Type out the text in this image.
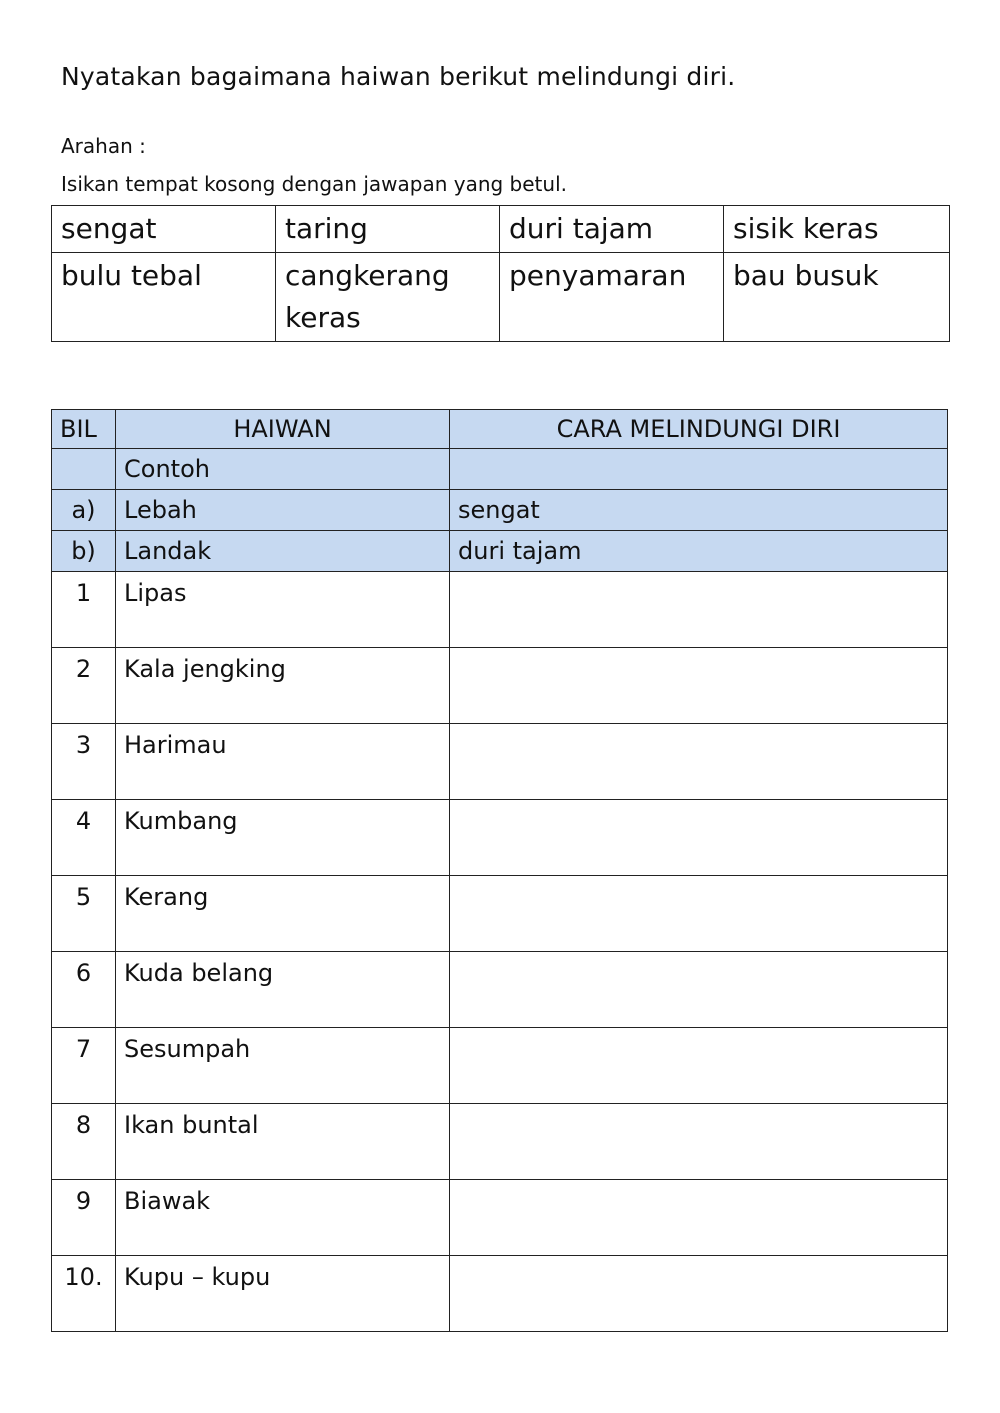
Nyatakan bagaimana haiwan berikut melindungi diri.
Arahan :
Isikan tempat kosong dengan jawapan yang betul.
sengat	taring	duri tajam	sisik keras
bulu tebal	cangkerang keras	penyamaran	bau busuk
BIL	HAIWAN	CARA MELINDUNGI DIRI
	Contoh	
a)	Lebah	sengat
b)	Landak	duri tajam
1	Lipas	
2	Kala jengking	
3	Harimau	
4	Kumbang	
5	Kerang	
6	Kuda belang	
7	Sesumpah	
8	Ikan buntal	
9	Biawak	
10.	Kupu – kupu	
